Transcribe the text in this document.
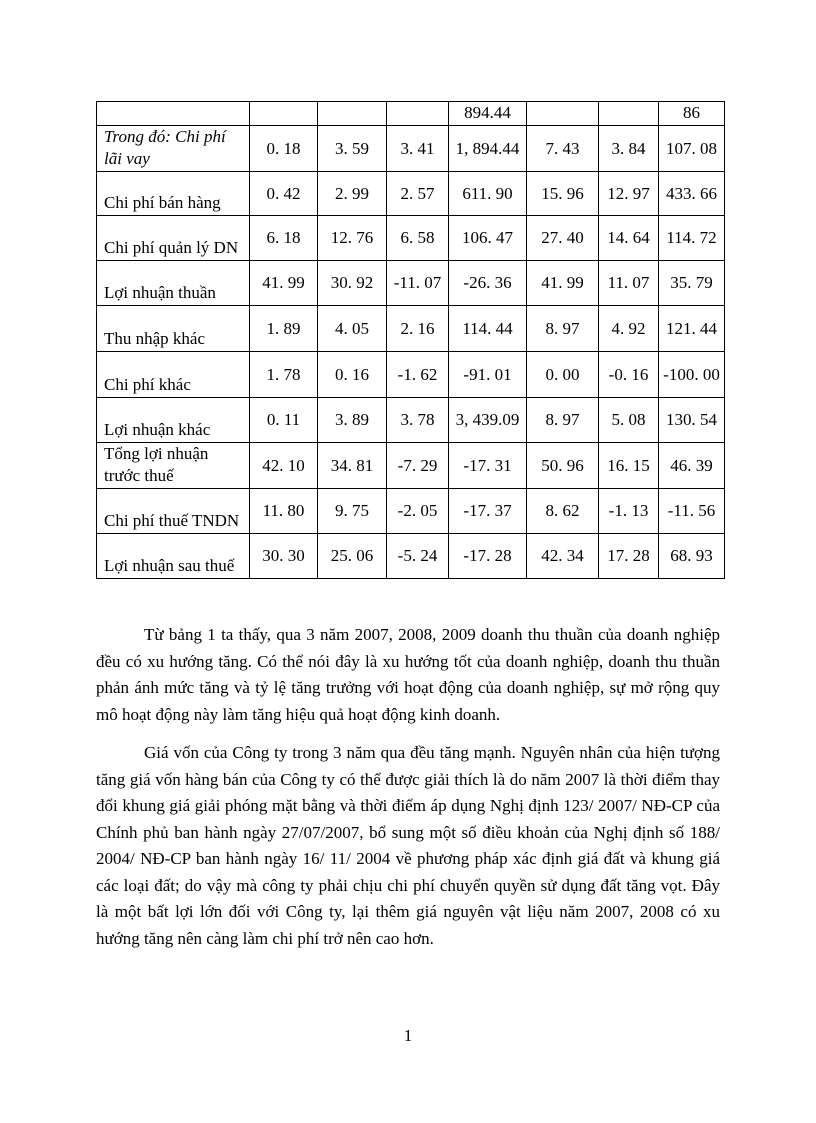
				894.44			86
Trong đó: Chi phí lãi vay	0. 18	3. 59	3. 41	1, 894.44	7. 43	3. 84	107. 08
Chi phí bán hàng	0. 42	2. 99	2. 57	611. 90	15. 96	12. 97	433. 66
Chi phí quản lý DN	6. 18	12. 76	6. 58	106. 47	27. 40	14. 64	114. 72
Lợi nhuận thuần	41. 99	30. 92	-11. 07	-26. 36	41. 99	11. 07	35. 79
Thu nhập khác	1. 89	4. 05	2. 16	114. 44	8. 97	4. 92	121. 44
Chi phí khác	1. 78	0. 16	-1. 62	-91. 01	0. 00	-0. 16	-100. 00
Lợi nhuận khác	0. 11	3. 89	3. 78	3, 439.09	8. 97	5. 08	130. 54
Tổng lợi nhuận trước thuế	42. 10	34. 81	-7. 29	-17. 31	50. 96	16. 15	46. 39
Chi phí thuế TNDN	11. 80	9. 75	-2. 05	-17. 37	8. 62	-1. 13	-11. 56
Lợi nhuận sau thuế	30. 30	25. 06	-5. 24	-17. 28	42. 34	17. 28	68. 93

Từ bảng 1 ta thấy, qua 3 năm 2007, 2008, 2009 doanh thu thuần của doanh nghiệp đều có xu hướng tăng. Có thể nói đây là xu hướng tốt của doanh nghiệp, doanh thu thuần phản ánh mức tăng và tỷ lệ tăng trưởng với hoạt động của doanh nghiệp, sự mở rộng quy mô hoạt động này làm tăng hiệu quả hoạt động kinh doanh.

Giá vốn của Công ty trong 3 năm qua đều tăng mạnh. Nguyên nhân của hiện tượng tăng giá vốn hàng bán của Công ty có thể được giải thích là do năm 2007 là thời điểm thay đổi khung giá giải phóng mặt bằng và thời điểm áp dụng Nghị định 123/ 2007/ NĐ-CP của Chính phủ ban hành ngày 27/07/2007, bổ sung một số điều khoản của Nghị định số 188/ 2004/ NĐ-CP ban hành ngày 16/ 11/ 2004 về phương pháp xác định giá đất và khung giá các loại đất; do vậy mà công ty phải chịu chi phí chuyển quyền sử dụng đất tăng vọt. Đây là một bất lợi lớn đối với Công ty, lại thêm giá nguyên vật liệu năm 2007, 2008 có xu hướng tăng nên càng làm chi phí trở nên cao hơn.

1
